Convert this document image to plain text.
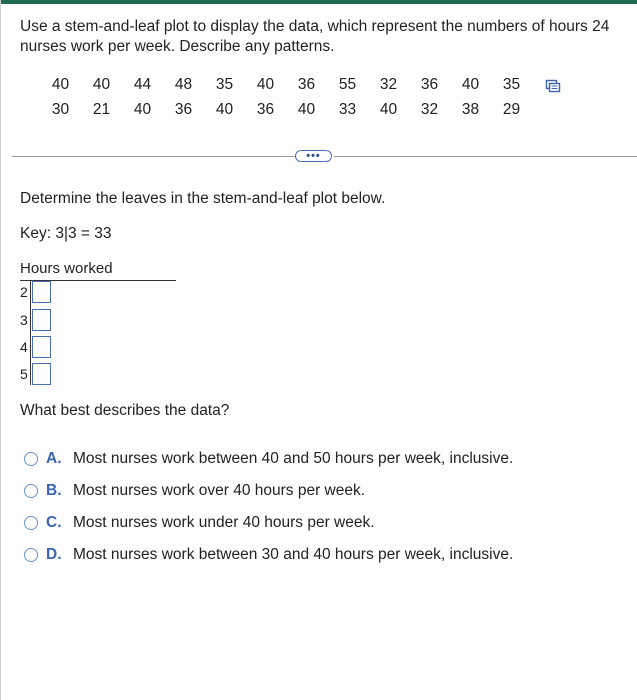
Use a stem-and-leaf plot to display the data, which represent the numbers of hours 24 nurses work per week. Describe any patterns.
40	40	44	48	35	40	36	55	32	36	40	35
30	21	40	36	40	36	40	33	40	32	38	29
•••
Determine the leaves in the stem-and-leaf plot below.
Key: 3|3 = 33
Hours worked
2
3
4
5
What best describes the data?
A. Most nurses work between 40 and 50 hours per week, inclusive.
B. Most nurses work over 40 hours per week.
C. Most nurses work under 40 hours per week.
D. Most nurses work between 30 and 40 hours per week, inclusive.
